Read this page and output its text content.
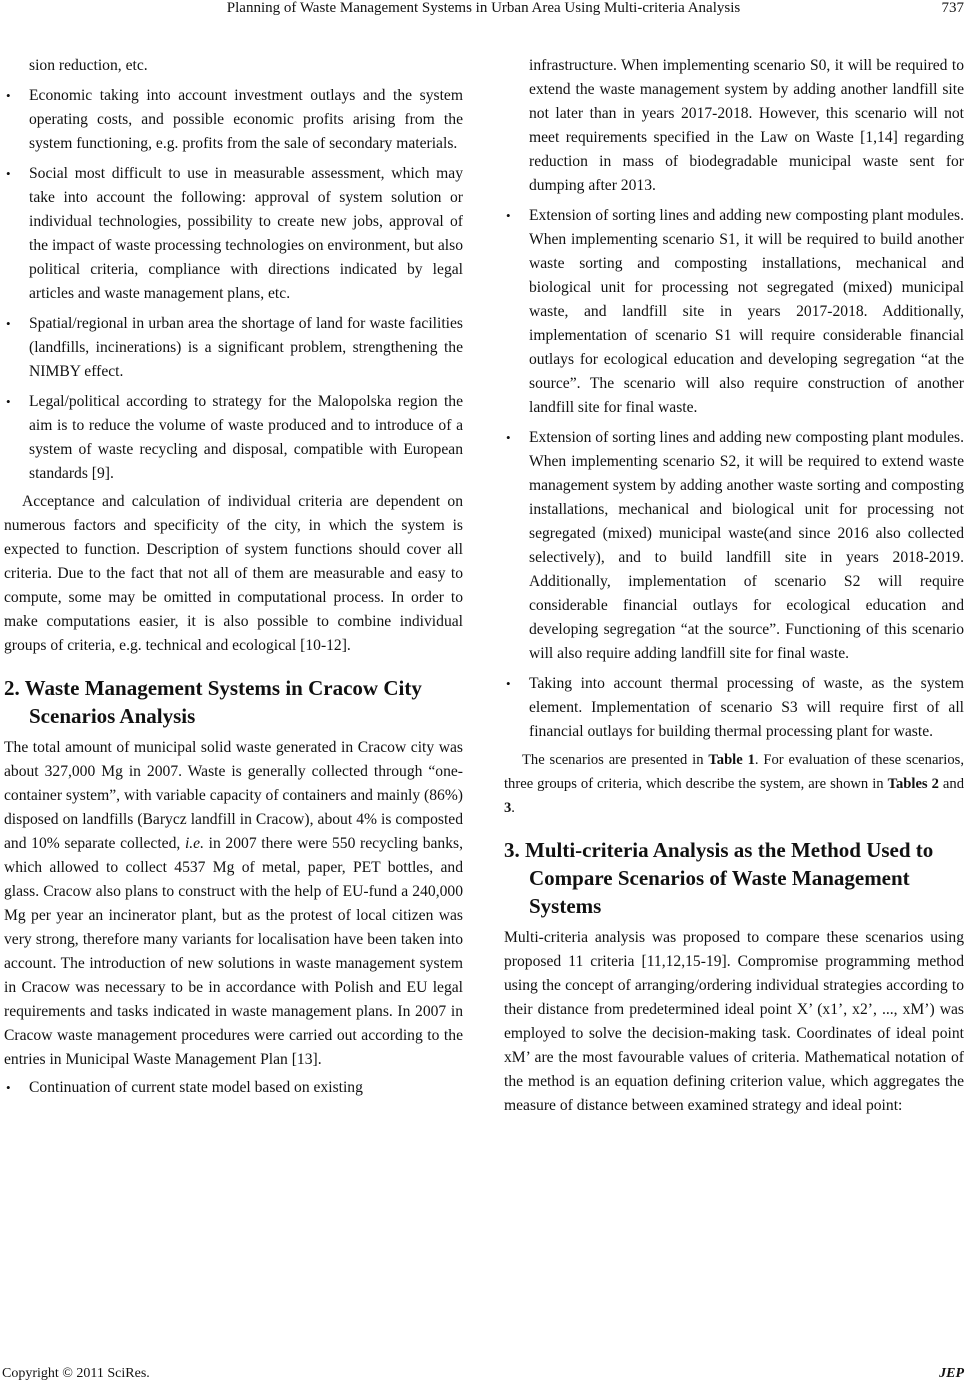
Planning of Waste Management Systems in Urban Area Using Multi-criteria Analysis	737

sion reduction, etc.

• Economic taking into account investment outlays and the system operating costs, and possible economic profits arising from the system functioning, e.g. profits from the sale of secondary materials.
• Social most difficult to use in measurable assessment, which may take into account the following: approval of system solution or individual technologies, possibility to create new jobs, approval of the impact of waste processing technologies on environment, but also political criteria, compliance with directions indicated by legal articles and waste management plans, etc.
• Spatial/regional in urban area the shortage of land for waste facilities (landfills, incinerations) is a significant problem, strengthening the NIMBY effect.
• Legal/political according to strategy for the Malopolska region the aim is to reduce the volume of waste produced and to introduce of a system of waste recycling and disposal, compatible with European standards [9].

Acceptance and calculation of individual criteria are dependent on numerous factors and specificity of the city, in which the system is expected to function. Description of system functions should cover all criteria. Due to the fact that not all of them are measurable and easy to compute, some may be omitted in computational process. In order to make computations easier, it is also possible to combine individual groups of criteria, e.g. technical and ecological [10-12].

2. Waste Management Systems in Cracow City Scenarios Analysis

The total amount of municipal solid waste generated in Cracow city was about 327,000 Mg in 2007. Waste is generally collected through “one-container system”, with variable capacity of containers and mainly (86%) disposed on landfills (Barycz landfill in Cracow), about 4% is composted and 10% separate collected, i.e. in 2007 there were 550 recycling banks, which allowed to collect 4537 Mg of metal, paper, PET bottles, and glass. Cracow also plans to construct with the help of EU-fund a 240,000 Mg per year an incinerator plant, but as the protest of local citizen was very strong, therefore many variants for localisation have been taken into account. The introduction of new solutions in waste management system in Cracow was necessary to be in accordance with Polish and EU legal requirements and tasks indicated in waste management plans. In 2007 in Cracow waste management procedures were carried out according to the entries in Municipal Waste Management Plan [13].

• Continuation of current state model based on existing

infrastructure. When implementing scenario S0, it will be required to extend the waste management system by adding another landfill site not later than in years 2017-2018. However, this scenario will not meet requirements specified in the Law on Waste [1,14] regarding reduction in mass of biodegradable municipal waste sent for dumping after 2013.

• Extension of sorting lines and adding new composting plant modules. When implementing scenario S1, it will be required to build another waste sorting and composting installations, mechanical and biological unit for processing not segregated (mixed) municipal waste, and landfill site in years 2017-2018. Additionally, implementation of scenario S1 will require considerable financial outlays for ecological education and developing segregation “at the source”. The scenario will also require construction of another landfill site for final waste.
• Extension of sorting lines and adding new composting plant modules. When implementing scenario S2, it will be required to extend waste management system by adding another waste sorting and composting installations, mechanical and biological unit for processing not segregated (mixed) municipal waste(and since 2016 also collected selectively), and to build landfill site in years 2018-2019. Additionally, implementation of scenario S2 will require considerable financial outlays for ecological education and developing segregation “at the source”. Functioning of this scenario will also require adding landfill site for final waste.
• Taking into account thermal processing of waste, as the system element. Implementation of scenario S3 will require first of all financial outlays for building thermal processing plant for waste.

The scenarios are presented in Table 1. For evaluation of these scenarios, three groups of criteria, which describe the system, are shown in Tables 2 and 3.

3. Multi-criteria Analysis as the Method Used to Compare Scenarios of Waste Management Systems

Multi-criteria analysis was proposed to compare these scenarios using proposed 11 criteria [11,12,15-19]. Compromise programming method using the concept of arranging/ordering individual strategies according to their distance from predetermined ideal point X’ (x1’, x2’, ..., xM’) was employed to solve the decision-making task. Coordinates of ideal point xM’ are the most favourable values of criteria. Mathematical notation of the method is an equation defining criterion value, which aggregates the measure of distance between examined strategy and ideal point:

Copyright © 2011 SciRes.	JEP
